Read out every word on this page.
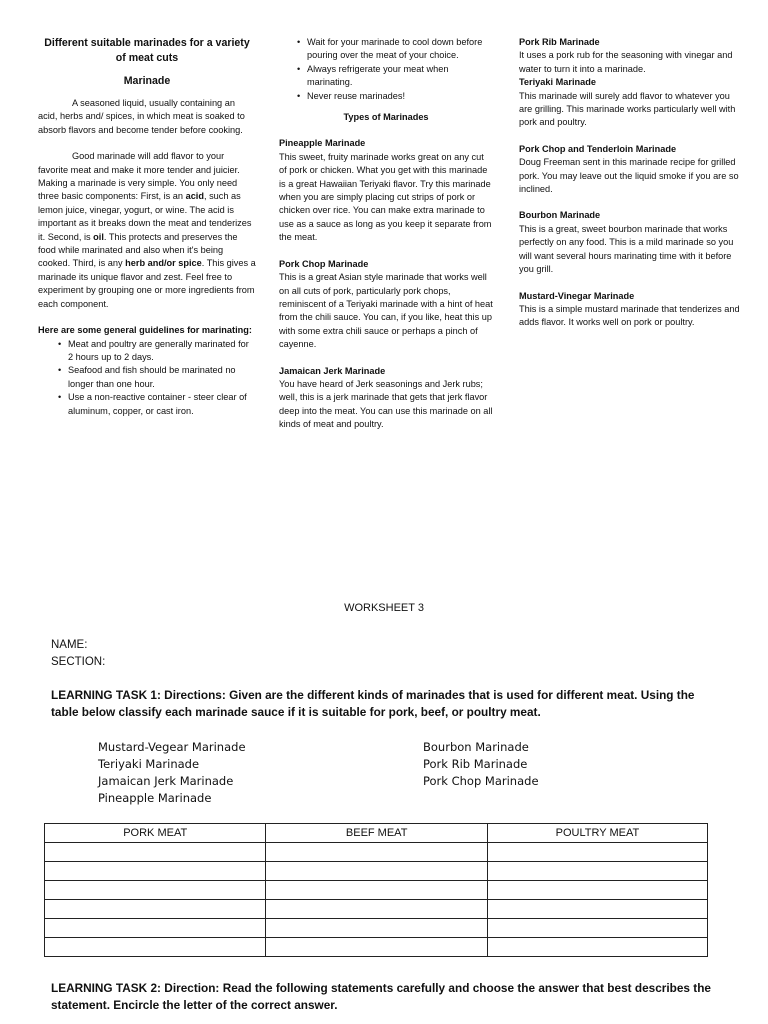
Different suitable marinades for a variety of meat cuts
Marinade

A seasoned liquid, usually containing an acid, herbs and/ spices, in which meat is soaked to absorb flavors and become tender before cooking.

Good marinade will add flavor to your favorite meat and make it more tender and juicier. Making a marinade is very simple. You only need three basic components: First, is an acid, such as lemon juice, vinegar, yogurt, or wine. The acid is important as it breaks down the meat and tenderizes it. Second, is oil. This protects and preserves the food while marinated and also when it's being cooked. Third, is any herb and/or spice. This gives a marinade its unique flavor and zest. Feel free to experiment by grouping one or more ingredients from each component.

Here are some general guidelines for marinating:

• Meat and poultry are generally marinated for 2 hours up to 2 days.
• Seafood and fish should be marinated no longer than one hour.
• Use a non-reactive container - steer clear of aluminum, copper, or cast iron.
• Wait for your marinade to cool down before pouring over the meat of your choice.
• Always refrigerate your meat when marinating.
• Never reuse marinades!

Types of Marinades

Pineapple Marinade

This sweet, fruity marinade works great on any cut of pork or chicken. What you get with this marinade is a great Hawaiian Teriyaki flavor. Try this marinade when you are simply placing cut strips of pork or chicken over rice. You can make extra marinade to use as a sauce as long as you keep it separate from the meat.

Pork Chop Marinade

This is a great Asian style marinade that works well on all cuts of pork, particularly pork chops, reminiscent of a Teriyaki marinade with a hint of heat from the chili sauce. You can, if you like, heat this up with some extra chili sauce or perhaps a pinch of cayenne.

Jamaican Jerk Marinade

You have heard of Jerk seasonings and Jerk rubs; well, this is a jerk marinade that gets that jerk flavor deep into the meat. You can use this marinade on all kinds of meat and poultry.

Pork Rib Marinade

It uses a pork rub for the seasoning with vinegar and water to turn it into a marinade.

Teriyaki Marinade

This marinade will surely add flavor to whatever you are grilling. This marinade works particularly well with pork and poultry.

Pork Chop and Tenderloin Marinade

Doug Freeman sent in this marinade recipe for grilled pork. You may leave out the liquid smoke if you are so inclined.

Bourbon Marinade

This is a great, sweet bourbon marinade that works perfectly on any food. This is a mild marinade so you will want several hours marinating time with it before you grill.

Mustard-Vinegar Marinade

This is a simple mustard marinade that tenderizes and adds flavor. It works well on pork or poultry.

WORKSHEET 3
NAME:
SECTION:
LEARNING TASK 1: Directions: Given are the different kinds of marinades that is used for different meat. Using the table below classify each marinade sauce if it is suitable for pork, beef, or poultry meat.
Mustard-Vegear Marinade
Teriyaki Marinade
Jamaican Jerk Marinade
Pineapple Marinade
Bourbon Marinade
Pork Rib Marinade
Pork Chop Marinade
PORK MEAT	BEEF MEAT	POULTRY MEAT

LEARNING TASK 2: Direction: Read the following statements carefully and choose the answer that best describes the statement. Encircle the letter of the correct answer.
